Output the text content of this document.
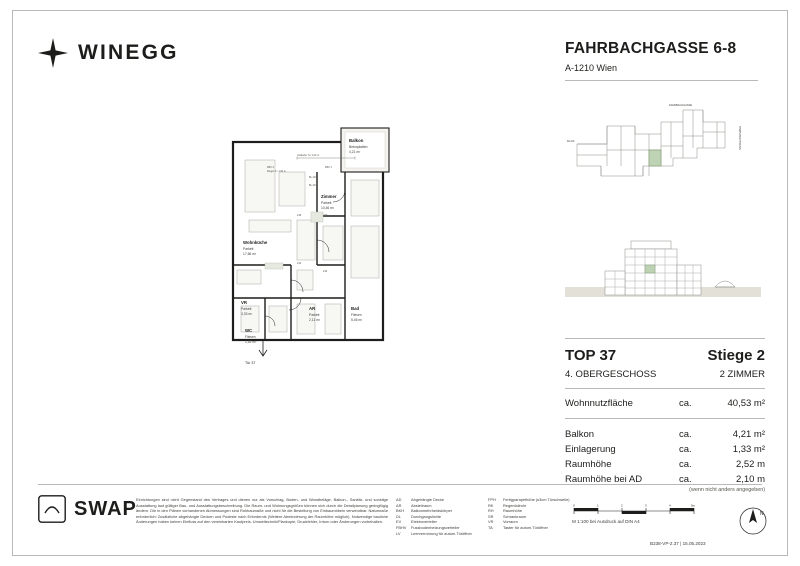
WINEGG	FAHRBACHGASSE 6-8
A-1210 Wien
FAHRBACHGASSE
Ro-Str.	SACKGASSENWEG
TOP 37	Stiege 2
4. OBERGESCHOSS	2 ZIMMER
Wohnnutzfläche	ca.	40,53 m²
Balkon	ca.	4,21 m²
Einlagerung	ca.	1,33 m²
Raumhöhe	ca.	2,52 m
Raumhöhe bei AD	ca.	2,10 m
(wenn nicht anders angegeben)
Tür 37
Wohnküche
Parkett
17,66 m²
Zimmer
Parkett
10,46 m²
Balkon
Betonplatten
4,21 m²
Bad
Fliesen
5,45 m²
AR
Parkett
2,11 m²
VR
Parkett
3,33 m²
WC
Fliesen
1,52 m²
Geländer h= 1,00 m
FBK 2
Riegel h= 1,92 m
FBK 1
BL 218
BL 219
219
218
210
210
SWAP Einrichtungen sind nicht Gegenstand des Vertrages und dienen nur als Vorschlag, Boden- und Wandbeläge, Balkon-, Sanitär- und sonstige Ausstattung laut gültiger Bau- und Ausstattungsbeschreibung. Die Raum- und Wohnungsgrößen können sich durch die Detailplanung geringfügig ändern. Die in den Plänen vorhandenen Abmessungen sind Rohbaumaße und nicht für die Bestellung von Einbaumöbeln verwendbar. Naturmaße erforderlich! Zusätzliche abgehängte Decken und Podeste nach Erfordernis (Weitere Abminderung der Raumhöhe möglich). Notwendige bauliche Änderungen haben keinen Einfluss auf den vereinbarten Kaufpreis. Umweltechnik/Plankopie, Druckfehler, Irrtum oder Änderungen vorbehalten.
AD	Abgehängte Decke
AR	Abstellraum
BKH	Balkonmehrheidskörper
DL	Durchgangslichte
EV	Elektroverteiler
FBHV	Fussbodenheizungsverteiler
LV	Leerverrohrung für autom.Türöffner
FPH	Fertigparapethöhe (s3cm Türschwelle)
RK	Regenfallrohr
RH	Raumhöhe
SR	Schrankraum
VR	Vorraum
TA	Taster für autom.Türöffner
0	1	2	3	4	5m
M 1:100 bei Ausdruck auf DIN A4
B238-VP-2.37 | 15.05.2023
N
